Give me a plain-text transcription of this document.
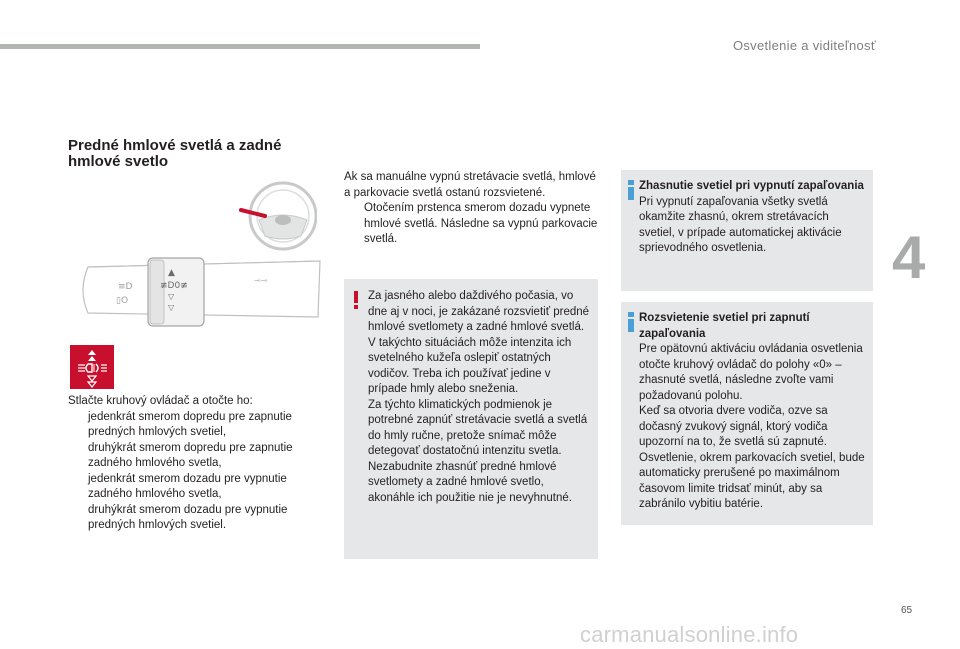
Osvetlenie a viditeľnosť
4
Predné hmlové svetlá a zadné
hmlové svetlo
▲
≢D0≢
▽
▽
≡D
▯O
⊸⊸
Stlačte kruhový ovládač a otočte ho:
jedenkrát smerom dopredu pre zapnutie predných hmlových svetiel,
druhýkrát smerom dopredu pre zapnutie zadného hmlového svetla,
jedenkrát smerom dozadu pre vypnutie zadného hmlového svetla,
druhýkrát smerom dozadu pre vypnutie predných hmlových svetiel.
Ak sa manuálne vypnú stretávacie svetlá, hmlové a parkovacie svetlá ostanú rozsvietené.
Otočením prstenca smerom dozadu vypnete hmlové svetlá. Následne sa vypnú parkovacie svetlá.
Za jasného alebo daždivého počasia, vo dne aj v noci, je zakázané rozsvietiť predné hmlové svetlomety a zadné hmlové svetlá. V takýchto situáciách môže intenzita ich svetelného kužeľa oslepiť ostatných vodičov. Treba ich používať jedine v prípade hmly alebo sneženia.
Za týchto klimatických podmienok je potrebné zapnúť stretávacie svetlá a svetlá do hmly ručne, pretože snímač môže detegovať dostatočnú intenzitu svetla.
Nezabudnite zhasnúť predné hmlové svetlomety a zadné hmlové svetlo, akonáhle ich použitie nie je nevyhnutné.
Zhasnutie svetiel pri vypnutí zapaľovania
Pri vypnutí zapaľovania všetky svetlá okamžite zhasnú, okrem stretávacích svetiel, v prípade automatickej aktivácie sprievodného osvetlenia.
Rozsvietenie svetiel pri zapnutí zapaľovania
Pre opätovnú aktiváciu ovládania osvetlenia otočte kruhový ovládač do polohy «0» – zhasnuté svetlá, následne zvoľte vami požadovanú polohu.
Keď sa otvoria dvere vodiča, ozve sa dočasný zvukový signál, ktorý vodiča upozorní na to, že svetlá sú zapnuté.
Osvetlenie, okrem parkovacích svetiel, bude automaticky prerušené po maximálnom časovom limite tridsať minút, aby sa zabránilo vybitiu batérie.
65
carmanualsonline.info
